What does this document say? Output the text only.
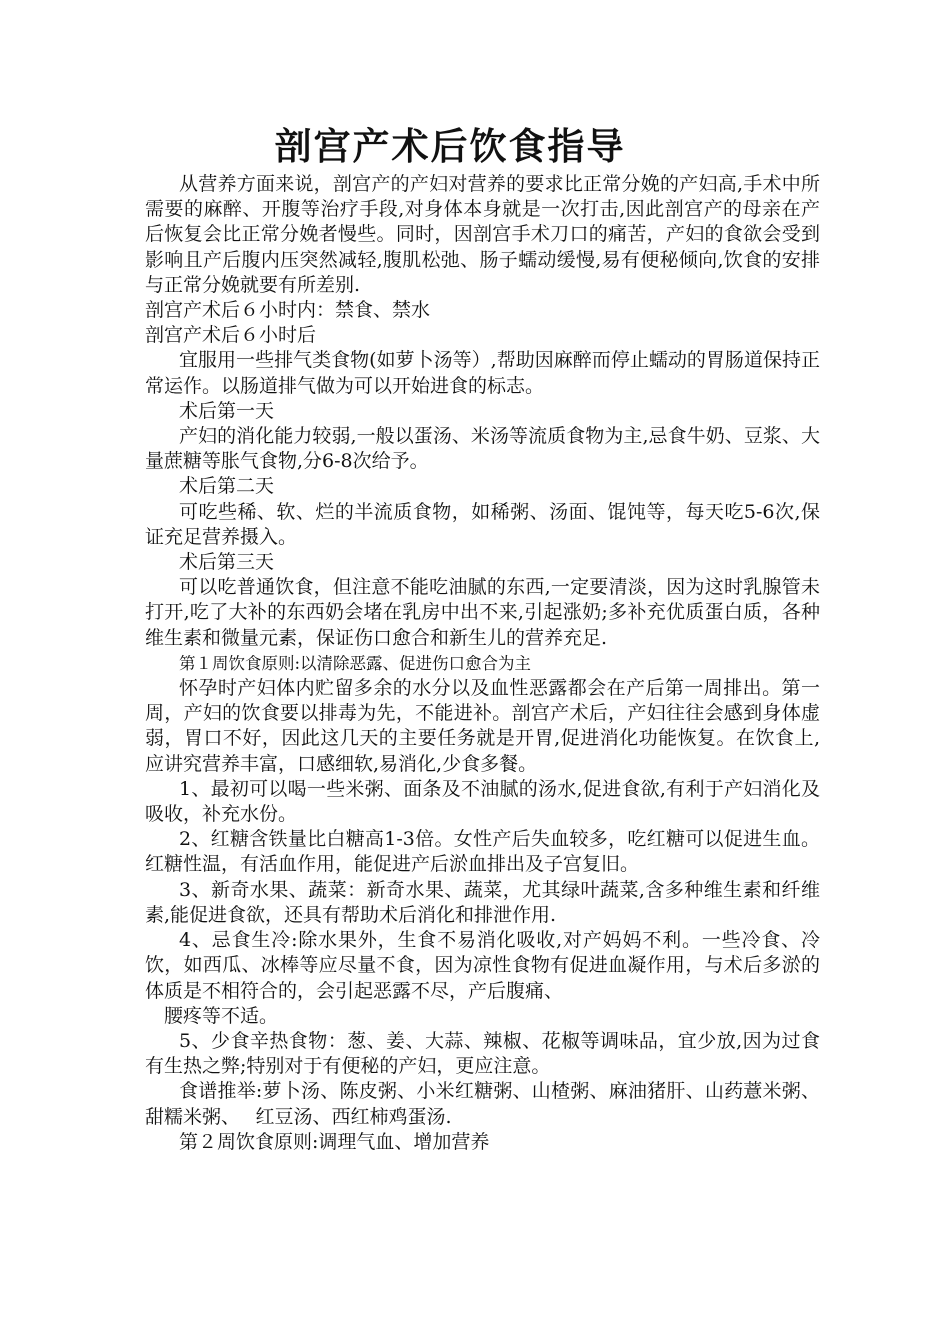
剖宫产术后饮食指导

从营养方面来说，剖宫产的产妇对营养的要求比正常分娩的产妇高,手术中所需要的麻醉、开腹等治疗手段,对身体本身就是一次打击,因此剖宫产的母亲在产后恢复会比正常分娩者慢些。同时，因剖宫手术刀口的痛苦，产妇的食欲会受到影响且产后腹内压突然减轻,腹肌松弛、肠子蠕动缓慢,易有便秘倾向,饮食的安排与正常分娩就要有所差别.

剖宫产术后６小时内：禁食、禁水

剖宫产术后６小时后

宜服用一些排气类食物(如萝卜汤等）,帮助因麻醉而停止蠕动的胃肠道保持正常运作。以肠道排气做为可以开始进食的标志。

术后第一天

产妇的消化能力较弱,一般以蛋汤、米汤等流质食物为主,忌食牛奶、豆浆、大量蔗糖等胀气食物,分6-8次给予。

术后第二天

可吃些稀、软、烂的半流质食物，如稀粥、汤面、馄饨等，每天吃5-6次,保证充足营养摄入。

术后第三天

可以吃普通饮食，但注意不能吃油腻的东西,一定要清淡，因为这时乳腺管未打开,吃了大补的东西奶会堵在乳房中出不来,引起涨奶;多补充优质蛋白质，各种维生素和微量元素，保证伤口愈合和新生儿的营养充足.

第１周饮食原则:以清除恶露、促进伤口愈合为主

怀孕时产妇体内贮留多余的水分以及血性恶露都会在产后第一周排出。第一周，产妇的饮食要以排毒为先，不能进补。剖宫产术后，产妇往往会感到身体虚弱，胃口不好，因此这几天的主要任务就是开胃,促进消化功能恢复。在饮食上,应讲究营养丰富，口感细软,易消化,少食多餐。

1、最初可以喝一些米粥、面条及不油腻的汤水,促进食欲,有利于产妇消化及吸收，补充水份。

2、红糖含铁量比白糖高1-3倍。女性产后失血较多，吃红糖可以促进生血。红糖性温，有活血作用，能促进产后淤血排出及子宫复旧。

3、新奇水果、蔬菜：新奇水果、蔬菜，尤其绿叶蔬菜,含多种维生素和纤维素,能促进食欲，还具有帮助术后消化和排泄作用.

4、忌食生冷:除水果外，生食不易消化吸收,对产妈妈不利。一些冷食、冷饮，如西瓜、冰棒等应尽量不食，因为凉性食物有促进血凝作用，与术后多淤的体质是不相符合的，会引起恶露不尽，产后腹痛、

腰疼等不适。

5、少食辛热食物：葱、姜、大蒜、辣椒、花椒等调味品，宜少放,因为过食有生热之弊;特别对于有便秘的产妇，更应注意。

食谱推举:萝卜汤、陈皮粥、小米红糖粥、山楂粥、麻油猪肝、山药薏米粥、甜糯米粥、　 红豆汤、西红柿鸡蛋汤.

第２周饮食原则:调理气血、增加营养
